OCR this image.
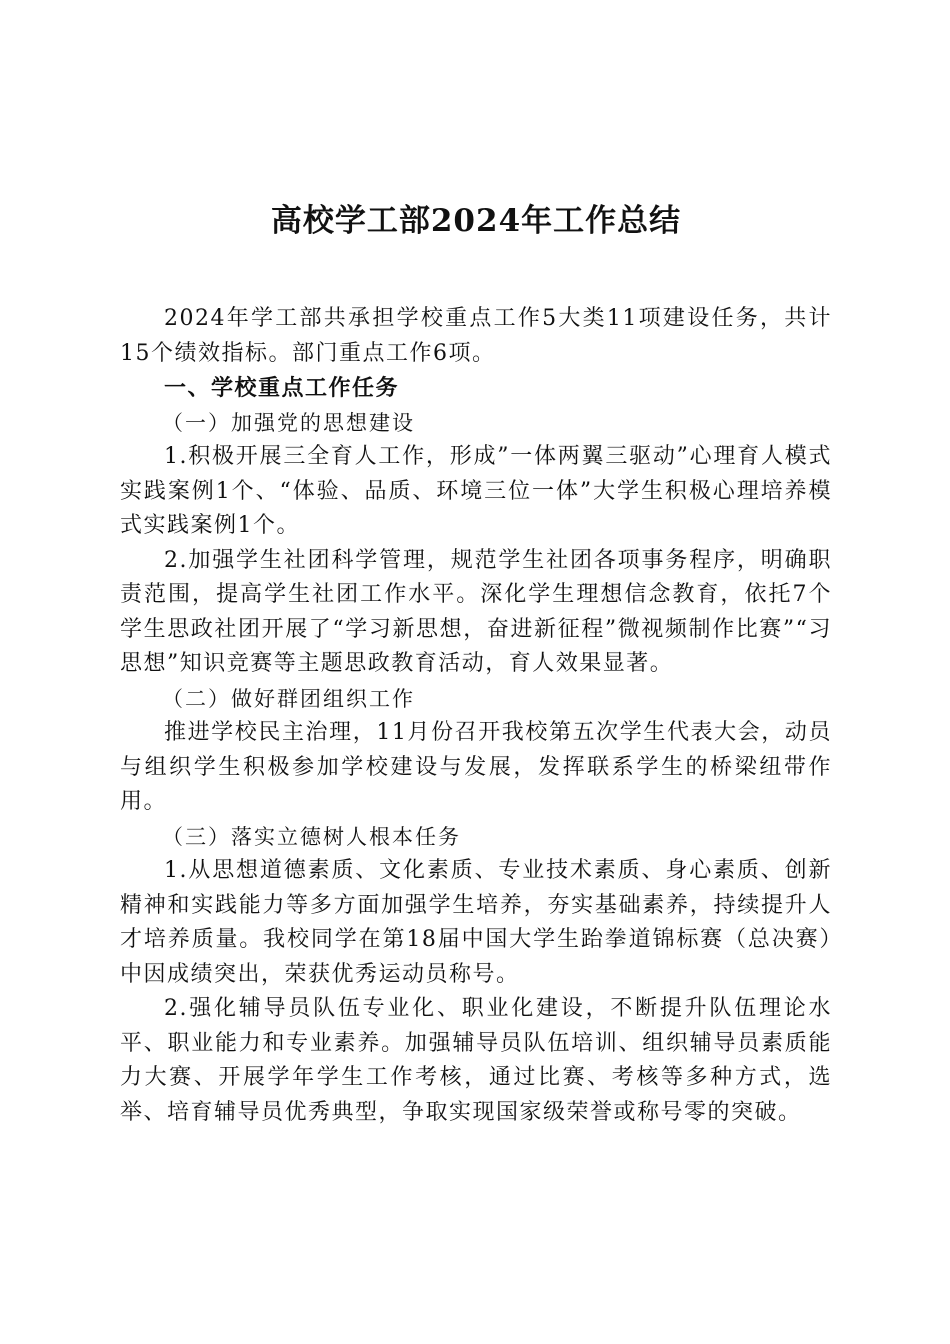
高校学工部2024年工作总结

2024年学工部共承担学校重点工作5大类11项建设任务，共计15个绩效指标。部门重点工作6项。

一、学校重点工作任务

（一）加强党的思想建设

1.积极开展三全育人工作，形成”一体两翼三驱动”心理育人模式实践案例1个、“体验、品质、环境三位一体”大学生积极心理培养模式实践案例1个。

2.加强学生社团科学管理，规范学生社团各项事务程序，明确职责范围，提高学生社团工作水平。深化学生理想信念教育，依托7个学生思政社团开展了“学习新思想，奋进新征程”微视频制作比赛”“习思想”知识竞赛等主题思政教育活动，育人效果显著。

（二）做好群团组织工作

推进学校民主治理，11月份召开我校第五次学生代表大会，动员与组织学生积极参加学校建设与发展，发挥联系学生的桥梁纽带作用。

（三）落实立德树人根本任务

1.从思想道德素质、文化素质、专业技术素质、身心素质、创新精神和实践能力等多方面加强学生培养，夯实基础素养，持续提升人才培养质量。我校同学在第18届中国大学生跆拳道锦标赛（总决赛）中因成绩突出，荣获优秀运动员称号。

2.强化辅导员队伍专业化、职业化建设，不断提升队伍理论水平、职业能力和专业素养。加强辅导员队伍培训、组织辅导员素质能力大赛、开展学年学生工作考核，通过比赛、考核等多种方式，选举、培育辅导员优秀典型，争取实现国家级荣誉或称号零的突破。
